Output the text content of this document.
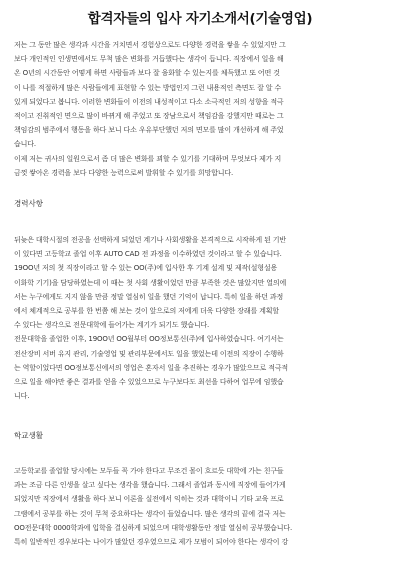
합격자들의 입사 자기소개서(기술영업)
저는 그 동안 많은 생각과 시간을 거치면서 경험상으로도 다양한 경력을 쌓을 수 있었지만 그
보다 개인적인 인생면에서도 무척 많은 변화를 거듭했다는 생각이 듭니다. 직장에서 일을 해
온 O년의 시간동안 어떻게 하면 사람들과 보다 잘 융화할 수 있는지를 체득했고 또 어떤 것
이 나를 적절하게 많은 사람들에게 표현할 수 있는 방법인지 그런 내용적인 측면도 잘 알 수
있게 되었다고 봅니다. 이러한 변화들이 이전의 내성적이고 다소 소극적인 저의 성향을 적극
적이고 진취적인 면으로 많이 바뀌게 해 주었고 또 장남으로서 책임감을 강했지만 때로는 그
책임감의 범주에서 행동을 하다 보니 다소 우유부단했던 저의 면모를 많이 개선하게 해 주었
습니다.
이제 저는 귀사의 일원으로서 좀 더 많은 변화를 꾀할 수 있기를 기대하며 무엇보다 제가 지
금껏 쌓아온 경력을 보다 다양한 능력으로써 발휘할 수 있기를 희망합니다.
경력사항
뒤늦은 대학시절의 전공을 선택하게 되었던 계기나 사회생활을 본격적으로 시작하게 된 기반
이 있다면 고등학교 졸업 이후 AUTO CAD 전 과정을 이수하였던 것이라고 할 수 있습니다.
19OO년 저의 첫 직장이라고 할 수 있는 OO(주)에 입사한 후 기계 설계 및 제작(설형설용
이화학 기기)을 담당하였는데 이 때는 첫 사회 생활이었던 만큼 부족한 것은 많았지만 열의에
서는 누구에게도 지지 않을 만큼 정말 열심히 일을 했던 기억이 납니다. 특히 일을 하던 과정
에서 체계적으로 공부를 한 번쯤 해 보는 것이 앞으로의 저에게 더욱 다양한 장래를 계획할
수 있다는 생각으로 전문대학에 들어가는 계기가 되기도 했습니다.
전문대학을 졸업한 이후, 19OO년 OO월부터 OO정보통신(주)에 입사하였습니다. 여기서는
전산장비 서버 유지 관리, 기술영업 및 관리부문에서도 일을 했었는데 이전의 직장이 수행하
는 역할이었다면 OO정보통신에서의 영업은 혼자서 일을 추진하는 경우가 많았으므로 적극적
으로 일을 해야만 좋은 결과를 얻을 수 있었으므로 누구보다도 최선을 다하여 업무에 임했습
니다.
학교생활
고등학교를 졸업할 당시에는 모두들 꼭 가야 한다고 무조건 몰이 흐르듯 대학에 가는 친구들
과는 조금 다른 인생을 살고 싶다는 생각을 했습니다. 그래서 졸업과 동시에 직장에 들어가게
되었지만 직장에서 생활을 하다 보니 이론을 실전에서 익히는 것과 대학이니 기타 교육 프로
그램에서 공부를 하는 것이 무척 중요하다는 생각이 들었습니다. 많은 생각의 끝에 결국 저는
OO전문대학 0000학과에 입학을 결심하게 되었으며 대학생활동안 정말 열심히 공부했습니다.
특히 일반적인 경우보다는 나이가 많았던 경우였으므로 제가 모범이 되어야 한다는 생각이 강
